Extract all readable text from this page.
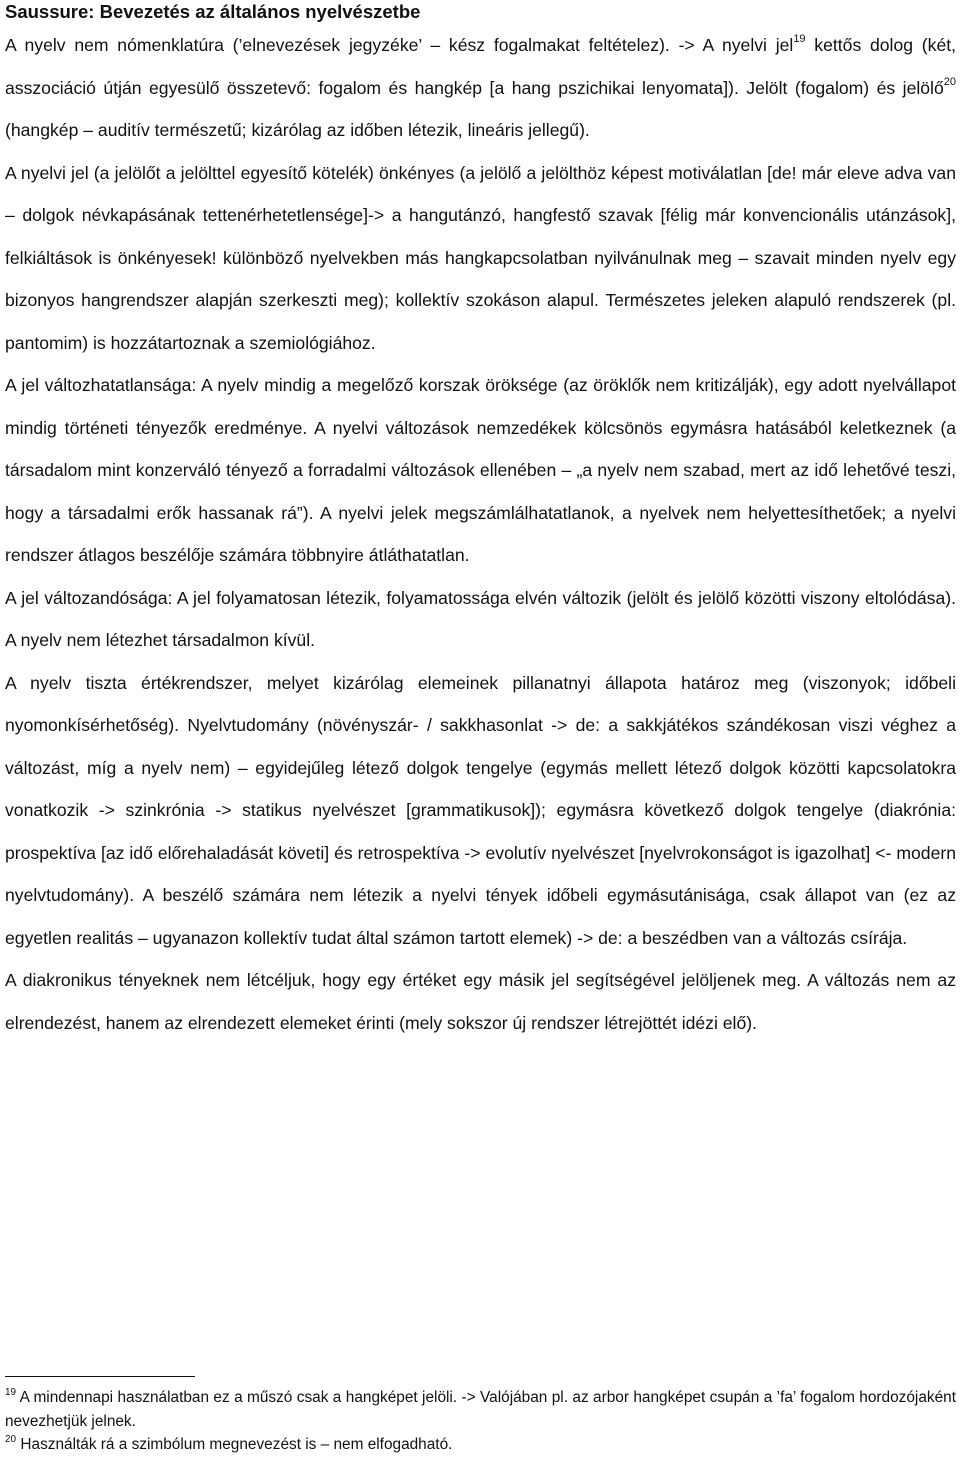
Saussure: Bevezetés az általános nyelvészetbe

A nyelv nem nómenklatúra (’elnevezések jegyzéke’ – kész fogalmakat feltételez). -> A nyelvi jel$^{19}$ kettős dolog (két, asszociáció útján egyesülő összetevő: fogalom és hangkép [a hang pszichikai lenyomata]). Jelölt (fogalom) és jelölő$^{20}$ (hangkép – auditív természetű; kizárólag az időben létezik, lineáris jellegű).

A nyelvi jel (a jelölőt a jelölttel egyesítő kötelék) önkényes (a jelölő a jelölthöz képest motiválatlan [de! már eleve adva van – dolgok névkapásának tettenérhetetlensége]-> a hangutánzó, hangfestő szavak [félig már konvencionális utánzások], felkiáltások is önkényesek! különböző nyelvekben más hangkapcsolatban nyilvánulnak meg – szavait minden nyelv egy bizonyos hangrendszer alapján szerkeszti meg); kollektív szokáson alapul. Természetes jeleken alapuló rendszerek (pl. pantomim) is hozzátartoznak a szemiológiához.

A jel változhatatlansága: A nyelv mindig a megelőző korszak öröksége (az öröklők nem kritizálják), egy adott nyelvállapot mindig történeti tényezők eredménye. A nyelvi változások nemzedékek kölcsönös egymásra hatásából keletkeznek (a társadalom mint konzerváló tényező a forradalmi változások ellenében – „a nyelv nem szabad, mert az idő lehetővé teszi, hogy a társadalmi erők hassanak rá”). A nyelvi jelek megszámlálhatatlanok, a nyelvek nem helyettesíthetőek; a nyelvi rendszer átlagos beszélője számára többnyire átláthatatlan.

A jel változandósága: A jel folyamatosan létezik, folyamatossága elvén változik (jelölt és jelölő közötti viszony eltolódása). A nyelv nem létezhet társadalmon kívül.

A nyelv tiszta értékrendszer, melyet kizárólag elemeinek pillanatnyi állapota határoz meg (viszonyok; időbeli nyomonkísérhetőség). Nyelvtudomány (növényszár- / sakkhasonlat -> de: a sakkjátékos szándékosan viszi véghez a változást, míg a nyelv nem) – egyidejűleg létező dolgok tengelye (egymás mellett létező dolgok közötti kapcsolatokra vonatkozik -> szinkrónia -> statikus nyelvészet [grammatikusok]); egymásra következő dolgok tengelye (diakrónia: prospektíva [az idő előrehaladását követi] és retrospektíva -> evolutív nyelvészet [nyelvrokonságot is igazolhat] <- modern nyelvtudomány). A beszélő számára nem létezik a nyelvi tények időbeli egymásutánisága, csak állapot van (ez az egyetlen realitás – ugyanazon kollektív tudat által számon tartott elemek) -> de: a beszédben van a változás csírája.

A diakronikus tényeknek nem létcéljuk, hogy egy értéket egy másik jel segítségével jelöljenek meg. A változás nem az elrendezést, hanem az elrendezett elemeket érinti (mely sokszor új rendszer létrejöttét idézi elő).

$^{19}$ A mindennapi használatban ez a műszó csak a hangképet jelöli. -> Valójában pl. az arbor hangképet csupán a ’fa’ fogalom hordozójaként nevezhetjük jelnek.

$^{20}$ Használták rá a szimbólum megnevezést is – nem elfogadható.
